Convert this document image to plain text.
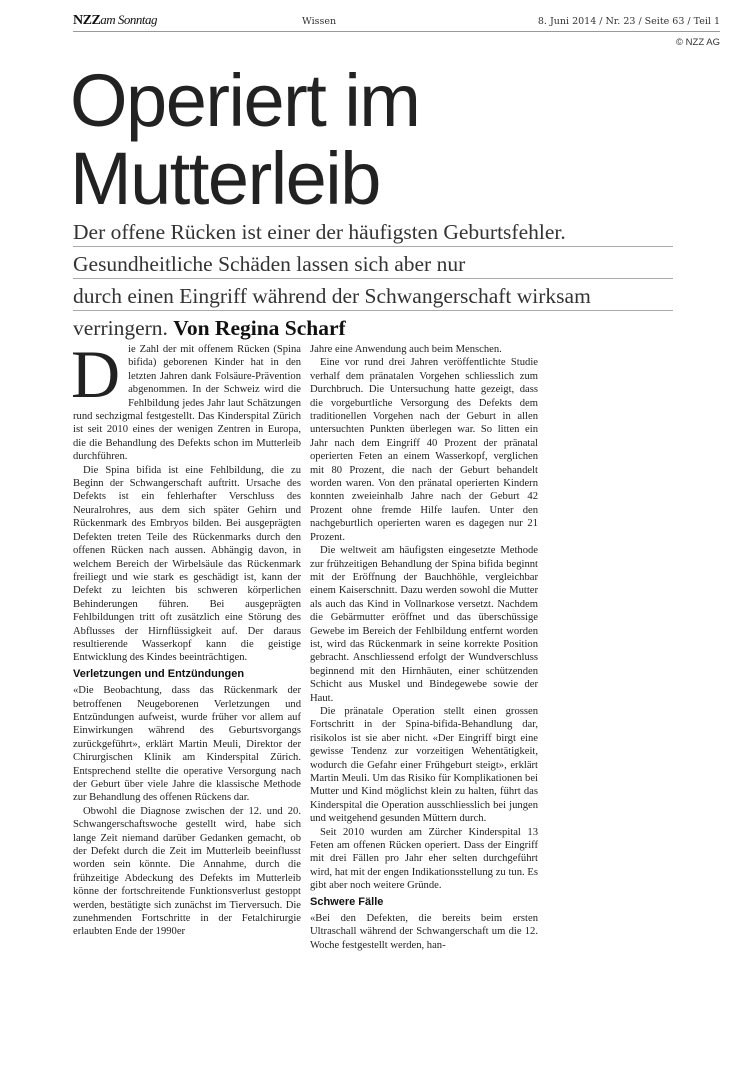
NZZam Sonntag	Wissen	8. Juni 2014 / Nr. 23 / Seite 63 / Teil 1
© NZZ AG
Operiert im
Mutterleib
Der offene Rücken ist einer der häufigsten Geburtsfehler.
Gesundheitliche Schäden lassen sich aber nur
durch einen Eingriff während der Schwangerschaft wirksam
verringern. Von Regina Scharf
D ie Zahl der mit offenem Rücken (Spina bifida) geborenen Kinder hat in den letzten Jahren dank Folsäure-Prävention abgenommen. In der Schweiz wird die Fehlbildung jedes Jahr laut Schätzungen rund sechzigmal festgestellt. Das Kinderspital Zürich ist seit 2010 eines der wenigen Zentren in Europa, die die Behandlung des Defekts schon im Mutterleib durchführen.

Die Spina bifida ist eine Fehlbildung, die zu Beginn der Schwangerschaft auftritt. Ursache des Defekts ist ein fehlerhafter Verschluss des Neuralrohres, aus dem sich später Gehirn und Rückenmark des Embryos bilden. Bei ausgeprägten Defekten treten Teile des Rückenmarks durch den offenen Rücken nach aussen. Abhängig davon, in welchem Bereich der Wirbelsäule das Rückenmark freiliegt und wie stark es geschädigt ist, kann der Defekt zu leichten bis schweren körperlichen Behinderungen führen. Bei ausgeprägten Fehlbildungen tritt oft zusätzlich eine Störung des Abflusses der Hirnflüssigkeit auf. Der daraus resultierende Wasserkopf kann die geistige Entwicklung des Kindes beeinträchtigen.

Verletzungen und Entzündungen

«Die Beobachtung, dass das Rückenmark der betroffenen Neugeborenen Verletzungen und Entzündungen aufweist, wurde früher vor allem auf Einwirkungen während des Geburtsvorgangs zurückgeführt», erklärt Martin Meuli, Direktor der Chirurgischen Klinik am Kinderspital Zürich. Entsprechend stellte die operative Versorgung nach der Geburt über viele Jahre die klassische Methode zur Behandlung des offenen Rückens dar.

Obwohl die Diagnose zwischen der 12. und 20. Schwangerschaftswoche gestellt wird, habe sich lange Zeit niemand darüber Gedanken gemacht, ob der Defekt durch die Zeit im Mutterleib beeinflusst worden sein könnte. Die Annahme, durch die frühzeitige Abdeckung des Defekts im Mutterleib könne der fortschreitende Funktionsverlust gestoppt werden, bestätigte sich zunächst im Tierversuch. Die zunehmenden Fortschritte in der Fetalchirurgie erlaubten Ende der 1990er

Jahre eine Anwendung auch beim Menschen.

Eine vor rund drei Jahren veröffentlichte Studie verhalf dem pränatalen Vorgehen schliesslich zum Durchbruch. Die Untersuchung hatte gezeigt, dass die vorgeburtliche Versorgung des Defekts dem traditionellen Vorgehen nach der Geburt in allen untersuchten Punkten überlegen war. So litten ein Jahr nach dem Eingriff 40 Prozent der pränatal operierten Feten an einem Wasserkopf, verglichen mit 80 Prozent, die nach der Geburt behandelt worden waren. Von den pränatal operierten Kindern konnten zweieinhalb Jahre nach der Geburt 42 Prozent ohne fremde Hilfe laufen. Unter den nachgeburtlich operierten waren es dagegen nur 21 Prozent.

Die weltweit am häufigsten eingesetzte Methode zur frühzeitigen Behandlung der Spina bifida beginnt mit der Eröffnung der Bauchhöhle, vergleichbar einem Kaiserschnitt. Dazu werden sowohl die Mutter als auch das Kind in Vollnarkose versetzt. Nachdem die Gebärmutter eröffnet und das überschüssige Gewebe im Bereich der Fehlbildung entfernt worden ist, wird das Rückenmark in seine korrekte Position gebracht. Anschliessend erfolgt der Wundverschluss beginnend mit den Hirnhäuten, einer schützenden Schicht aus Muskel und Bindegewebe sowie der Haut.

Die pränatale Operation stellt einen grossen Fortschritt in der Spina-bifida-Behandlung dar, risikolos ist sie aber nicht. «Der Eingriff birgt eine gewisse Tendenz zur vorzeitigen Wehentätigkeit, wodurch die Gefahr einer Frühgeburt steigt», erklärt Martin Meuli. Um das Risiko für Komplikationen bei Mutter und Kind möglichst klein zu halten, führt das Kinderspital die Operation ausschliesslich bei jungen und weitgehend gesunden Müttern durch.

Seit 2010 wurden am Zürcher Kinderspital 13 Feten am offenen Rücken operiert. Dass der Eingriff mit drei Fällen pro Jahr eher selten durchgeführt wird, hat mit der engen Indikationsstellung zu tun. Es gibt aber noch weitere Gründe.

Schwere Fälle

«Bei den Defekten, die bereits beim ersten Ultraschall während der Schwangerschaft um die 12. Woche festgestellt werden, han-
